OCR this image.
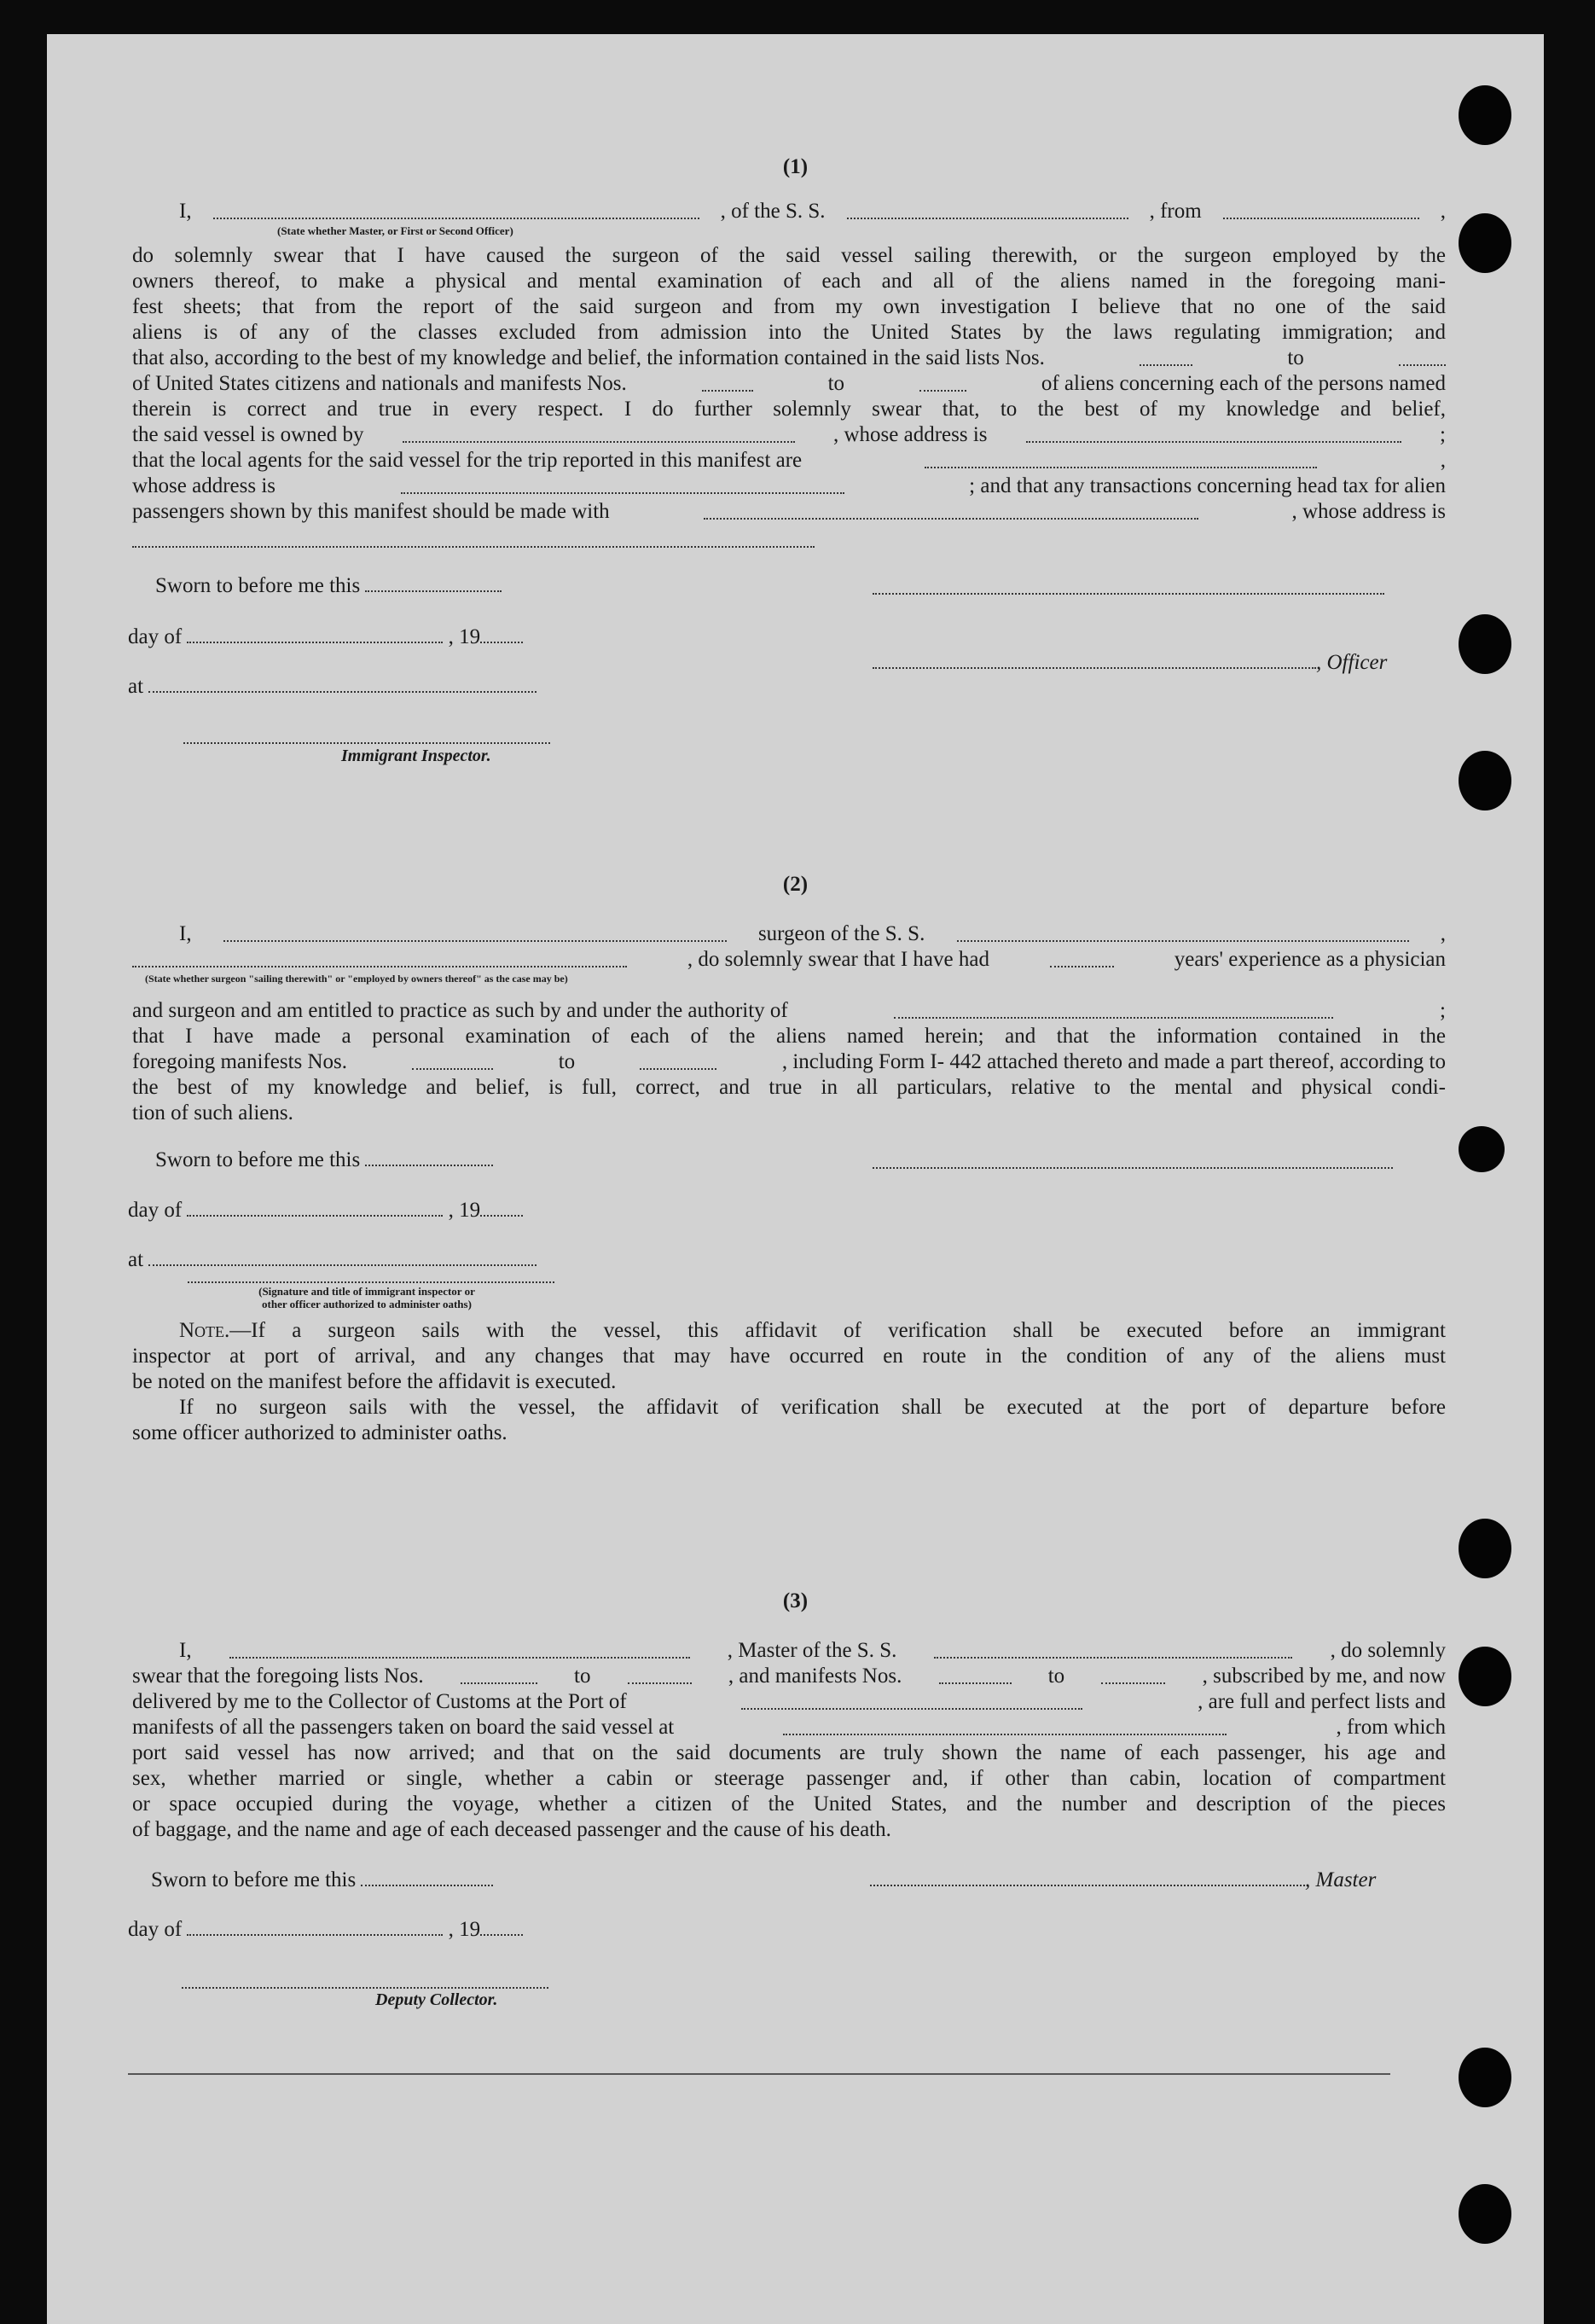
(1)
I,	, of the S. S.	, from	,
(State whether Master, or First or Second Officer)
do solemnly swear that I have caused the surgeon of the said vessel sailing therewith, or the surgeon employed by the
owners thereof, to make a physical and mental examination of each and all of the aliens named in the foregoing mani-
fest sheets; that from the report of the said surgeon and from my own investigation I believe that no one of the said
aliens is of any of the classes excluded from admission into the United States by the laws regulating immigration; and
that also, according to the best of my knowledge and belief, the information contained in the said lists Nos.	to
of United States citizens and nationals and manifests Nos.	to	of aliens concerning each of the persons named
therein is correct and true in every respect. I do further solemnly swear that, to the best of my knowledge and belief,
the said vessel is owned by	, whose address is	;
that the local agents for the said vessel for the trip reported in this manifest are	,
whose address is	; and that any transactions concerning head tax for alien
passengers shown by this manifest should be made with	, whose address is
Sworn to before me this
day of	, 19
, Officer
at
Immigrant Inspector.
(2)
I,	surgeon of the S. S.	,
, do solemnly swear that I have had	years' experience as a physician
(State whether surgeon "sailing therewith" or "employed by owners thereof" as the case may be)
and surgeon and am entitled to practice as such by and under the authority of	;
that I have made a personal examination of each of the aliens named herein; and that the information contained in the
foregoing manifests Nos.	to	, including Form I- 442 attached thereto and made a part thereof, according to
the best of my knowledge and belief, is full, correct, and true in all particulars, relative to the mental and physical condi-
tion of such aliens.
Sworn to before me this
day of	, 19
at
(Signature and title of immigrant inspector or
other officer authorized to administer oaths)
Note.—If a surgeon sails with the vessel, this affidavit of verification shall be executed before an immigrant
inspector at port of arrival, and any changes that may have occurred en route in the condition of any of the aliens must
be noted on the manifest before the affidavit is executed.
If no surgeon sails with the vessel, the affidavit of verification shall be executed at the port of departure before
some officer authorized to administer oaths.
(3)
I,	, Master of the S. S.	, do solemnly
swear that the foregoing lists Nos.	to	, and manifests Nos.	to	, subscribed by me, and now
delivered by me to the Collector of Customs at the Port of	, are full and perfect lists and
manifests of all the passengers taken on board the said vessel at	, from which
port said vessel has now arrived; and that on the said documents are truly shown the name of each passenger, his age and
sex, whether married or single, whether a cabin or steerage passenger and, if other than cabin, location of compartment
or space occupied during the voyage, whether a citizen of the United States, and the number and description of the pieces
of baggage, and the name and age of each deceased passenger and the cause of his death.
Sworn to before me this	, Master
day of	, 19
Deputy Collector.
